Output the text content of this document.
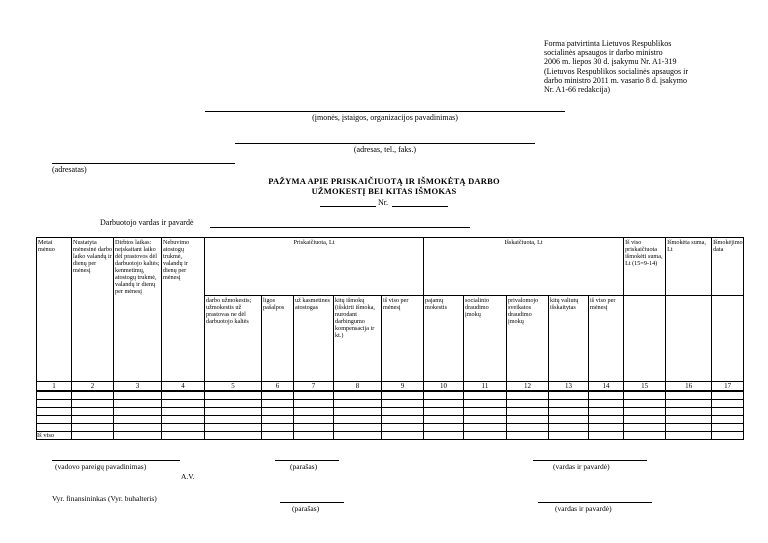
Forma patvirtinta Lietuvos Respublikos
socialinės apsaugos ir darbo ministro
2006 m. liepos 30 d. įsakymu Nr. A1-319
(Lietuvos Respublikos socialinės apsaugos ir
darbo ministro 2011 m. vasario 8 d. įsakymo
Nr. A1-66 redakcija)
(įmonės, įstaigos, organizacijos pavadinimas)
(adresas, tel., faks.)
(adresatas)
PAŽYMA APIE PRISKAIČIUOTĄ IR IŠMOKĖTĄ DARBO
UŽMOKESTĮ BEI KITAS IŠMOKAS
Nr.
Darbuotojo vardas ir pavardė
Metai mėnuo	Nustatyta mėnesinė darbo laiko valandų ir dienų per mėnesį	Dirbtos laikas: neįskaitant laiko dėl prastovos dėl darbuotojo kaltės; kenmetimų, atostogų trukmė, valandų ir dienų per mėnesį	Nebuvimo atostogų trukmė, valandų ir dienų per mėnesį	Priskaičiuota, Lt					Išskaičiuota, Lt					Iš viso priskaičiuota išmokėti suma, Lt (15=9-14)	Išmokėta suma, Lt	Išmokėjimo data
				darbo užmokestis; užmokestis už prastovas ne dėl darbuotojo kaltės	ligos pašalpos	už kasmetines atostogas	kitų išmokų (išskirti išmoka, nurodant darbingumo kompensacija ir kt.)	iš viso per mėnesį	pajamų mokestis	socialinio draudimo įmokų	privalomojo sveikatos draudimo įmokų	kitų valiutų išskaitytas	iš viso per mėnesį			
1	2	3	4	5	6	7	8	9	10	11	12	13	14	15	16	17

Iš viso																
(vadovo pareigų pavadinimas)
A.V.
(parašas)	(vardas ir pavardė)
Vyr. finansininkas (Vyr. buhalteris)
(parašas)	(vardas ir pavardė)
